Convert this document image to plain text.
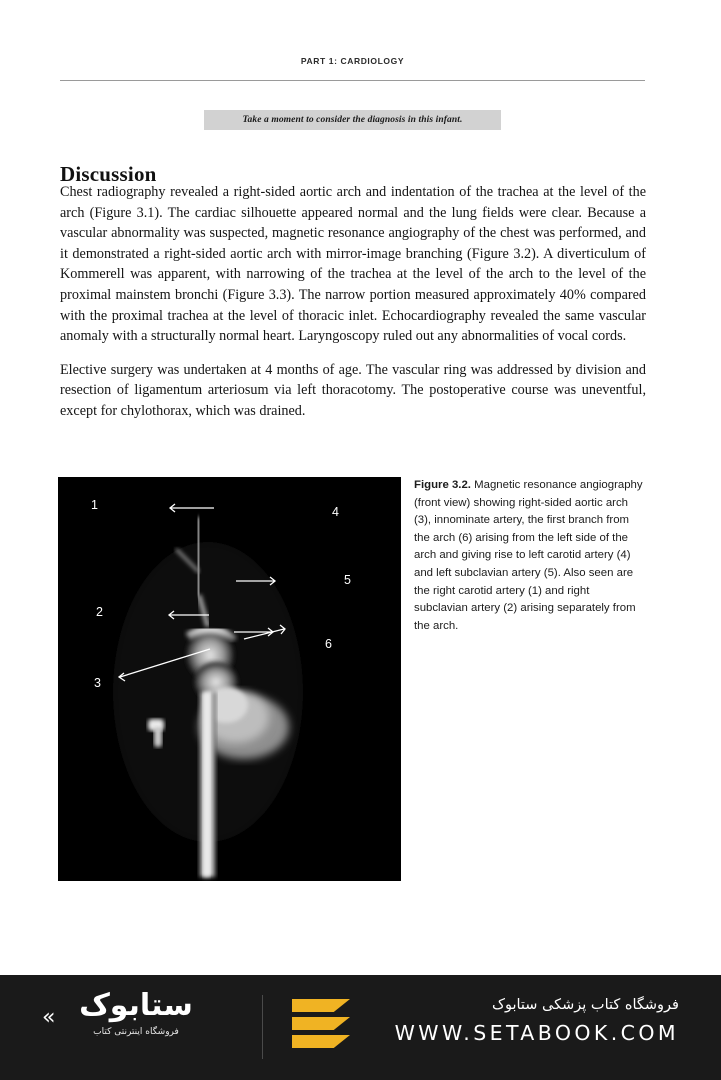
PART 1: CARDIOLOGY
Take a moment to consider the diagnosis in this infant.
Discussion

Chest radiography revealed a right-sided aortic arch and indentation of the trachea at the level of the arch (Figure 3.1). The cardiac silhouette appeared normal and the lung fields were clear. Because a vascular abnormality was suspected, magnetic resonance angiography of the chest was performed, and it demonstrated a right-sided aortic arch with mirror-image branching (Figure 3.2). A diverticulum of Kommerell was apparent, with narrowing of the trachea at the level of the arch to the level of the proximal mainstem bronchi (Figure 3.3). The narrow portion measured approximately 40% compared with the proximal trachea at the level of thoracic inlet. Echocardiography revealed the same vascular anomaly with a structurally normal heart. Laryngoscopy ruled out any abnormalities of vocal cords.

Elective surgery was undertaken at 4 months of age. The vascular ring was addressed by division and resection of ligamentum arteriosum via left thoracotomy. The postoperative course was uneventful, except for chylothorax, which was drained.

1
2
3
4
5
6
Figure 3.2. Magnetic resonance angiography (front view) showing right-sided aortic arch (3), innominate artery, the first branch from the arch (6) arising from the left side of the arch and giving rise to left carotid artery (4) and left subclavian artery (5). Also seen are the right carotid artery (1) and right subclavian artery (2) arising separately from the arch.
« ستابوک
فروشگاه اینترنتی کتاب
فروشگاه کتاب پزشکی ستابوک
WWW.SETABOOK.COM
